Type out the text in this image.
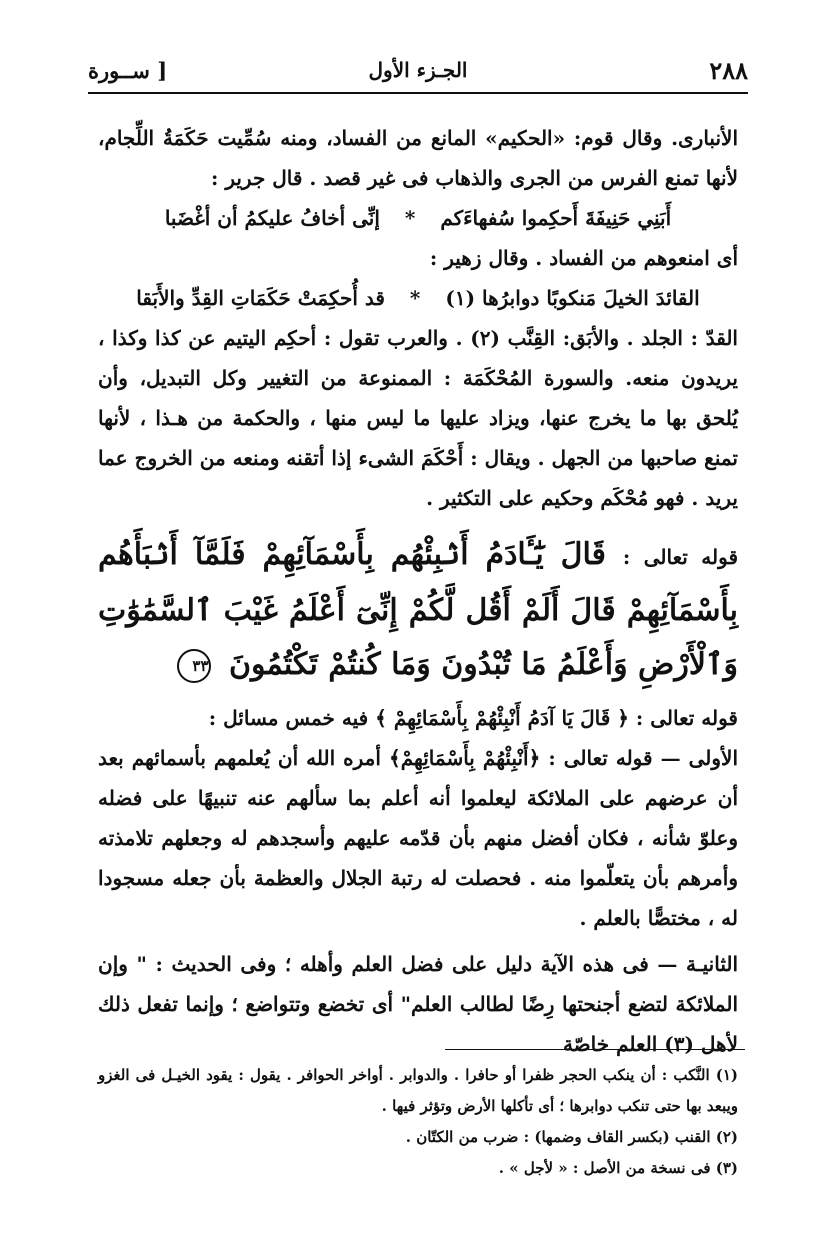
٢٨٨
الجـزء الأول
[ ســورة

الأنبارى. وقال قوم: «الحكيم» المانع من الفساد، ومنه سُمِّيت حَكَمَةُ اللِّجام، لأنها تمنع الفرس من الجرى والذهاب فى غير قصد . قال جرير :

أَبَنِي حَنِيفَةَ أَحكِموا سُفهاءَكم * إنِّى أخافُ عليكمُ أن أغْضَبا

أى امنعوهم من الفساد . وقال زهير :

القائدَ الخيلَ مَنكوبًا دوابرُها (١) * قد أُحكِمَتْ حَكَمَاتِ القِدِّ والأَبَقا

القدّ : الجلد . والأبَق: القِنَّب (٢) . والعرب تقول : أحكِم اليتيم عن كذا وكذا ، يريدون منعه. والسورة المُحْكَمَة : الممنوعة من التغيير وكل التبديل، وأن يُلحق بها ما يخرج عنها، ويزاد عليها ما ليس منها ، والحكمة من هـذا ، لأنها تمنع صاحبها من الجهل . ويقال : أَحْكَمَ الشىء إذا أتقنه ومنعه من الخروج عما يريد . فهو مُحْكَم وحكيم على التكثير .

قوله تعالى : قَالَ يَٰٓـَٔادَمُ أَنۢبِئْهُم بِأَسْمَآئِهِمْ فَلَمَّآ أَنۢبَأَهُم بِأَسْمَآئِهِمْ قَالَ أَلَمْ أَقُل لَّكُمْ إِنِّىٓ أَعْلَمُ غَيْبَ ٱلسَّمَٰوَٰتِ وَٱلْأَرْضِ وَأَعْلَمُ مَا تُبْدُونَ وَمَا كُنتُمْ تَكْتُمُونَ ٣٣

قوله تعالى : ﴿ قَالَ يَا آدَمُ أَنْبِئْهُمْ بِأَسْمَائِهِمْ ﴾ فيه خمس مسائل :

الأولى — قوله تعالى : ﴿أَنْبِئْهُمْ بِأَسْمَائِهِمْ﴾ أمره الله أن يُعلمهم بأسمائهم بعد أن عرضهم على الملائكة ليعلموا أنه أعلم بما سألهم عنه تنبيهًا على فضله وعلوّ شأنه ، فكان أفضل منهم بأن قدّمه عليهم وأسجدهم له وجعلهم تلامذته وأمرهم بأن يتعلّموا منه . فحصلت له رتبة الجلال والعظمة بأن جعله مسجودا له ، مختصًّا بالعلم .

الثانيـة — فى هذه الآية دليل على فضل العلم وأهله ؛ وفى الحديث : " وإن الملائكة لتضع أجنحتها رِضًا لطالب العلم" أى تخضع وتتواضع ؛ وإنما تفعل ذلك لأهل (٣) العلم خاصّة

(١) النَّكب : أن ينكب الحجر ظفرا أو حافرا . والدوابر . أواخر الحوافر . يقول : يقود الخيـل فى الغزو ويبعد بها حتى تنكب دوابرها ؛ أى تأكلها الأرض وتؤثر فيها .

(٢) القنب (بكسر القاف وضمها) : ضرب من الكتّان .

(٣) فى نسخة من الأصل : « لأجل » .
